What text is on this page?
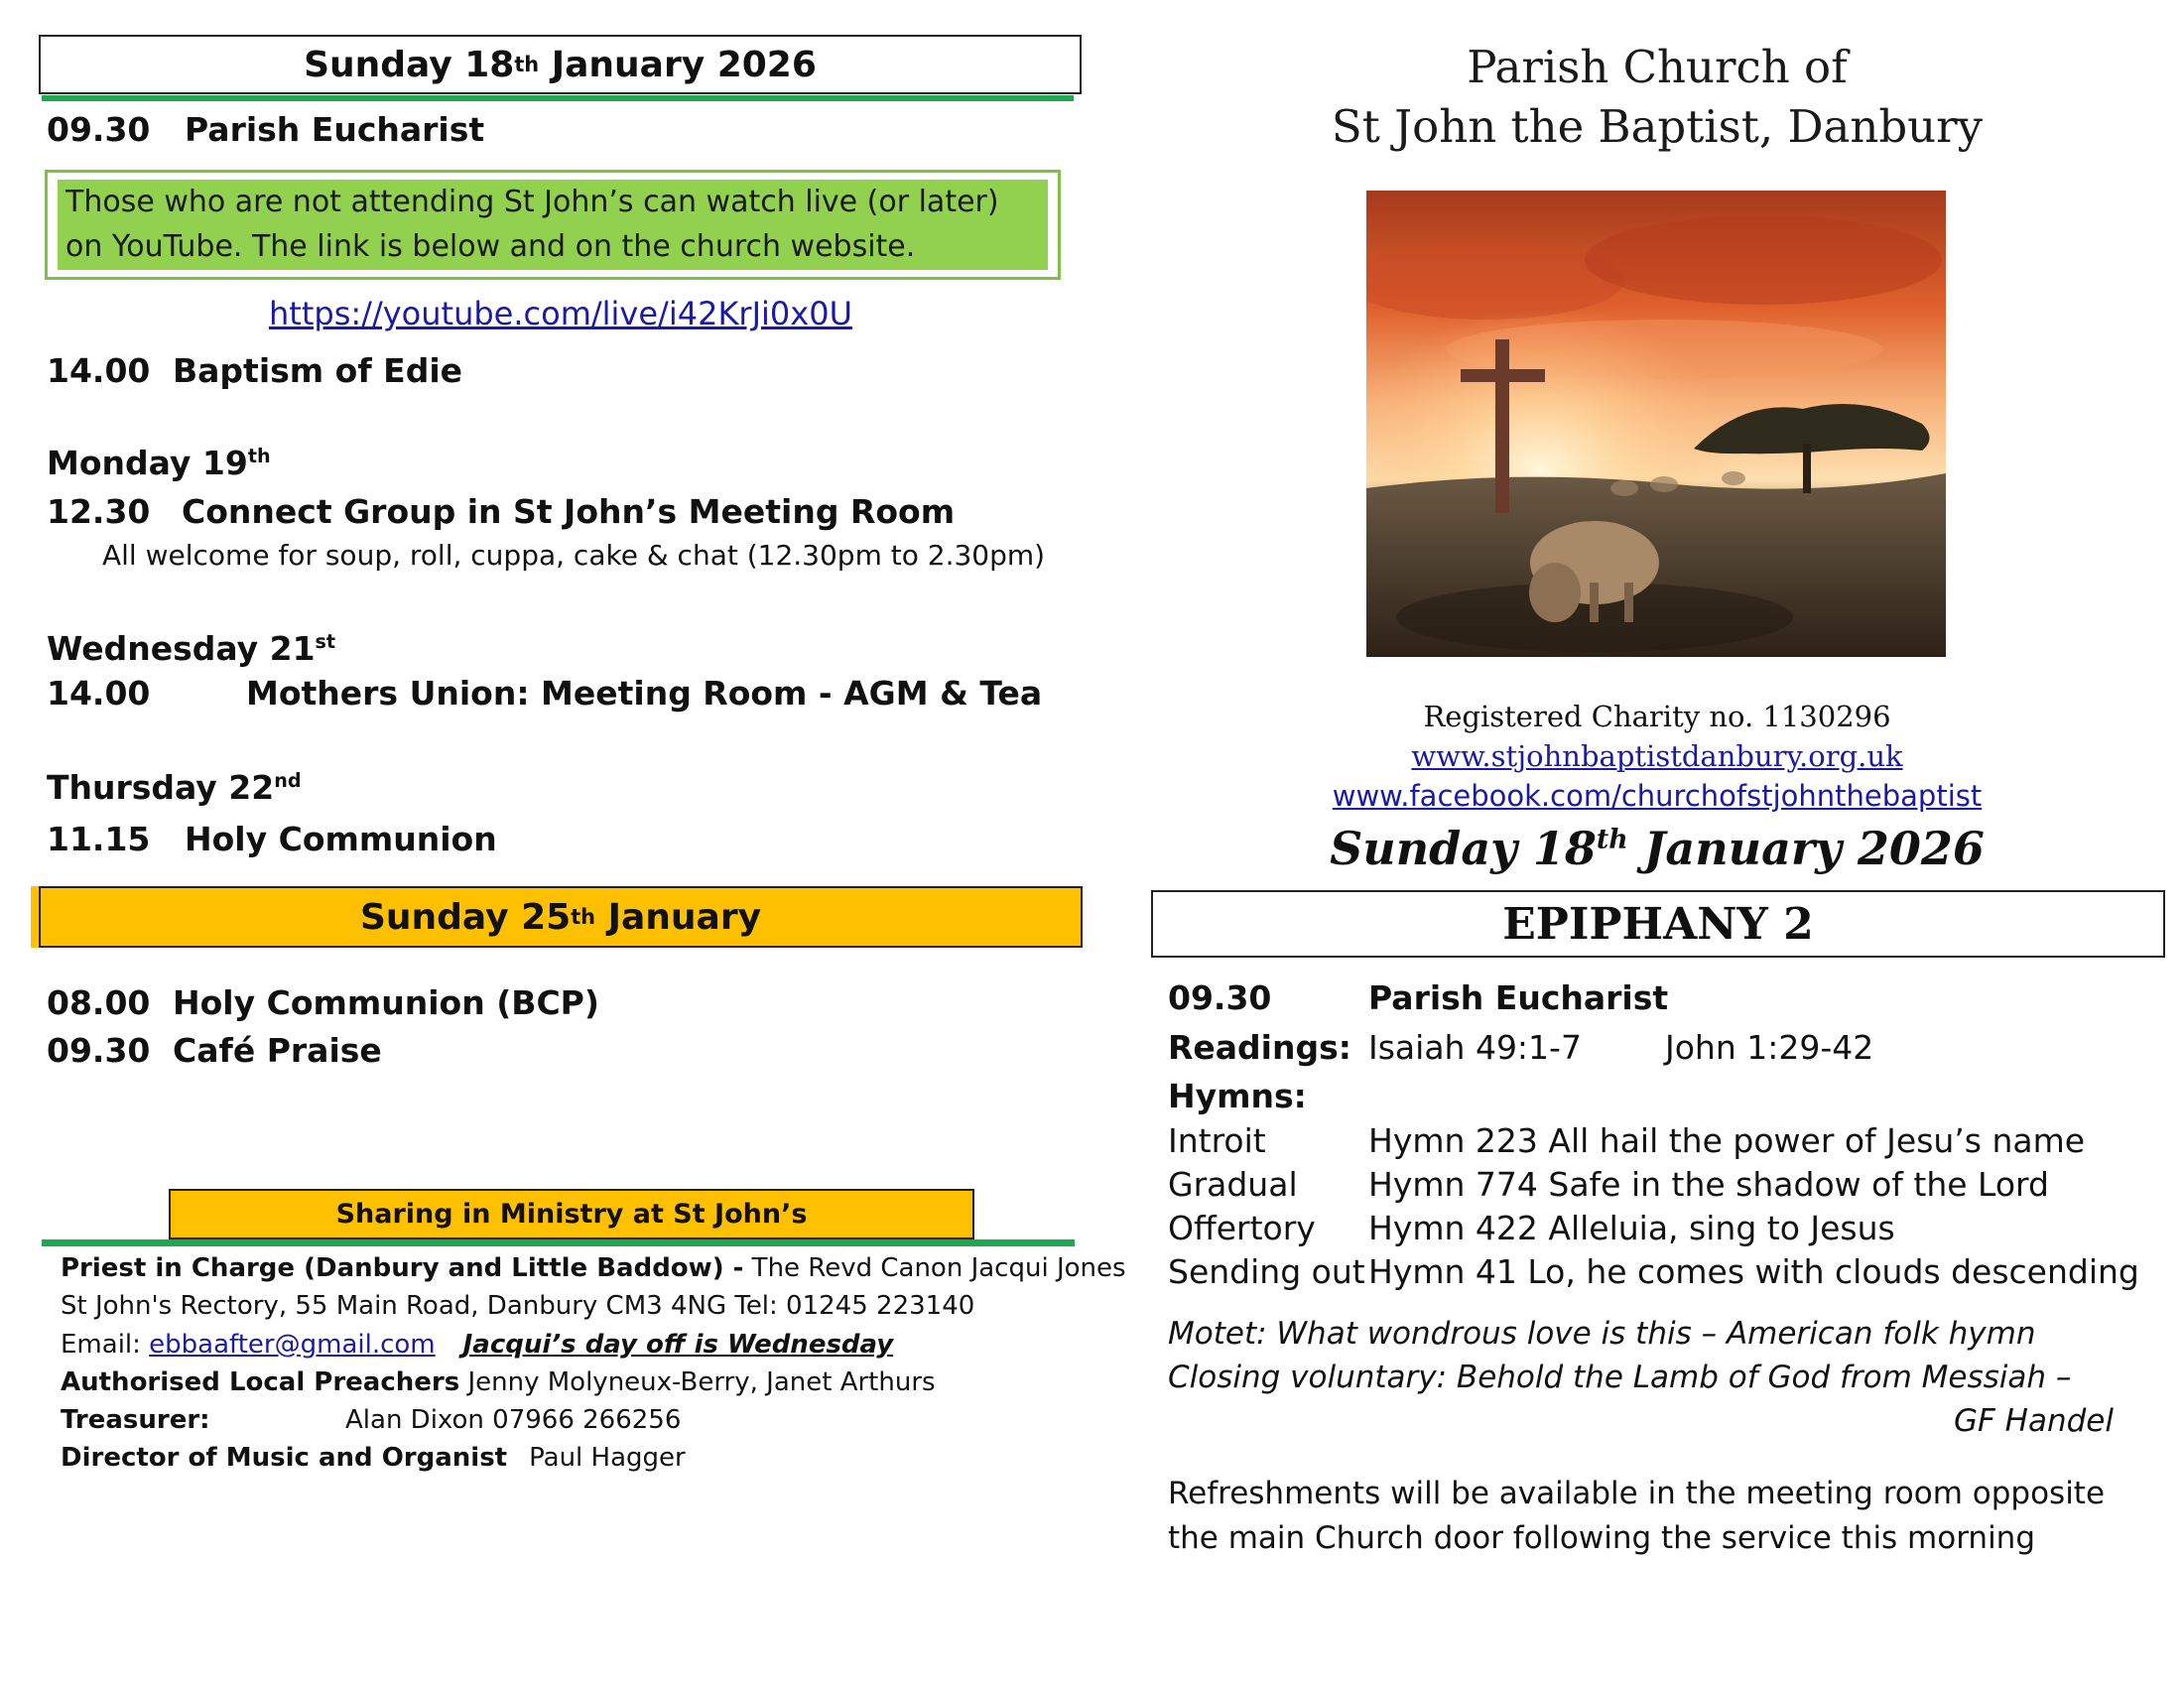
Sunday 18 th January 2026
09.30 Parish Eucharist
Those who are not attending St John’s can watch live (or later) on YouTube. The link is below and on the church website.
https://youtube.com/live/i42KrJi0x0U
14.00 Baptism of Edie
Monday 19th
12.30 Connect Group in St John’s Meeting Room
All welcome for soup, roll, cuppa, cake & chat (12.30pm to 2.30pm)
Wednesday 21st
14.00	Mothers Union: Meeting Room - AGM & Tea
Thursday 22nd
11.15 Holy Communion
Sunday 25 th January
08.00 Holy Communion (BCP)
09.30 Café Praise
Sharing in Ministry at St John’s
Priest in Charge (Danbury and Little Baddow) - The Revd Canon Jacqui Jones
St John's Rectory, 55 Main Road, Danbury CM3 4NG Tel: 01245 223140
Email: ebbaafter@gmail.com Jacqui’s day off is Wednesday
Authorised Local Preachers Jenny Molyneux-Berry, Janet Arthurs
Treasurer:	Alan Dixon 07966 266256
Director of Music and Organist Paul Hagger
Parish Church of
St John the Baptist, Danbury
Registered Charity no. 1130296
www.stjohnbaptistdanbury.org.uk
www.facebook.com/churchofstjohnthebaptist
Sunday 18th January 2026
EPIPHANY 2
09.30	Parish Eucharist
Readings: Isaiah 49:1-7	John 1:29-42
Hymns:
Introit	Hymn 223 All hail the power of Jesu’s name
Gradual Hymn 774 Safe in the shadow of the Lord
Offertory Hymn 422 Alleluia, sing to Jesus
Sending out Hymn 41 Lo, he comes with clouds descending
Motet: What wondrous love is this – American folk hymn
Closing voluntary: Behold the Lamb of God from Messiah –
GF Handel
Refreshments will be available in the meeting room opposite the main Church door following the service this morning
